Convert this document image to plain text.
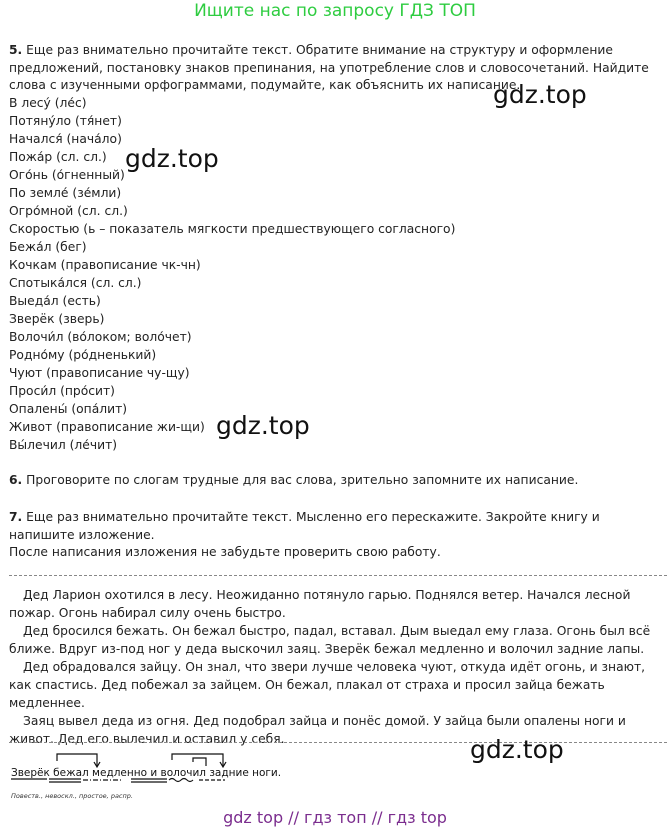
Ищите нас по запросу ГДЗ ТОП
5. Еще раз внимательно прочитайте текст. Обратите внимание на структуру и оформление предложений, постановку знаков препинания, на употребление слов и словосочетаний. Найдите слова с изученными орфограммами, подумайте, как объяснить их написание.
В лесу́ (ле́с)
Потяну́ло (тя́нет)
Начался́ (нача́ло)
Пожа́р (сл. сл.)
Ого́нь (о́гненный)
По земле́ (зе́мли)
Огро́мной (сл. сл.)
Скоростью (ь – показатель мягкости предшествующего согласного)
Бежа́л (бег)
Кочкам (правописание чк-чн)
Спотыка́лся (сл. сл.)
Выеда́л (есть)
Зверёк (зверь)
Волочи́л (во́локом; воло́чет)
Родно́му (ро́дненький)
Чуют (правописание чу-щу)
Проси́л (про́сит)
Опалены́ (опа́лит)
Живот (правописание жи-щи)
Вы́лечил (ле́чит)
6. Проговорите по слогам трудные для вас слова, зрительно запомните их написание.
7. Еще раз внимательно прочитайте текст. Мысленно его перескажите. Закройте книгу и напишите изложение.
После написания изложения не забудьте проверить свою работу.

Дед Ларион охотился в лесу. Неожиданно потянуло гарью. Поднялся ветер. Начался лесной пожар. Огонь набирал силу очень быстро.

Дед бросился бежать. Он бежал быстро, падал, вставал. Дым выедал ему глаза. Огонь был всё ближе. Вдруг из-под ног у деда выскочил заяц. Зверёк бежал медленно и волочил задние лапы.

Дед обрадовался зайцу. Он знал, что звери лучше человека чуют, откуда идёт огонь, и знают, как спастись. Дед побежал за зайцем. Он бежал, плакал от страха и просил зайца бежать медленнее.

Заяц вывел деда из огня. Дед подобрал зайца и понёс домой. У зайца были опалены ноги и живот. Дед его вылечил и оставил у себя.

Зверёк бежал медленно и волочил задние ноги.
Повеств., невоскл., простое, распр.
gdz.top
gdz.top
gdz.top
gdz.top
gdz top // гдз топ // гдз top
